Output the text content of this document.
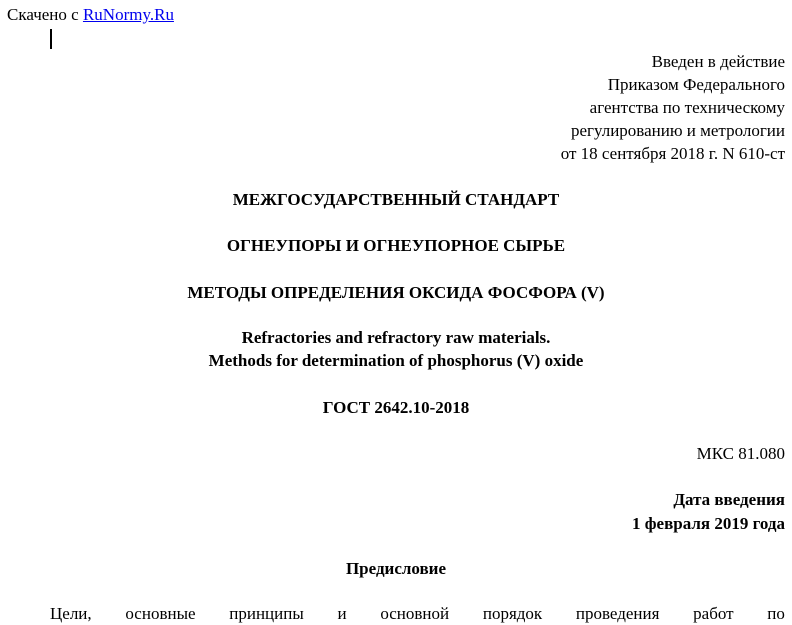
Скачено с RuNormy.Ru
Введен в действие
Приказом Федерального
агентства по техническому
регулированию и метрологии
от 18 сентября 2018 г. N 610-ст
МЕЖГОСУДАРСТВЕННЫЙ СТАНДАРТ
ОГНЕУПОРЫ И ОГНЕУПОРНОЕ СЫРЬЕ
МЕТОДЫ ОПРЕДЕЛЕНИЯ ОКСИДА ФОСФОРА (V)
Refractories and refractory raw materials.
Methods for determination of phosphorus (V) oxide
ГОСТ 2642.10-2018
МКС 81.080
Дата введения
1 февраля 2019 года
Предисловие
Цели, основные принципы и основной порядок проведения работ по
